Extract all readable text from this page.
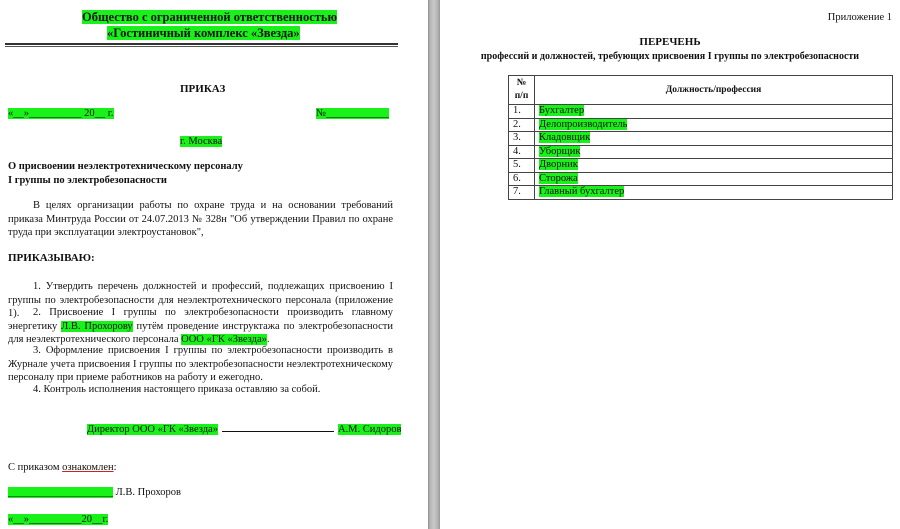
Общество с ограниченной ответственностью
«Гостиничный комплекс «Звезда»
ПРИКАЗ
«__»__________ 20__ г.	№____________
г. Москва
О присвоении неэлектротехническому персоналу
I группы по электробезопасности
В целях организации работы по охране труда и на основании требований приказа Минтруда России от 24.07.2013 № 328н "Об утверждении Правил по охране труда при эксплуатации электроустановок",
ПРИКАЗЫВАЮ:
1. Утвердить перечень должностей и профессий, подлежащих присвоению I группы по электробезопасности для неэлектротехнического персонала (приложение 1).	2. Присвоение I группы по электробезопасности производить главному энергетику Л.В. Прохорову путём проведение инструктажа по электробезопасности для неэлектротехнического персонала ООО «ГК «Звезда».
3. Оформление присвоения I группы по электробезопасности производить в Журнале учета присвоения I группы по электробезопасности неэлектротехническому персоналу при приеме работников на работу и ежегодно.
4. Контроль исполнения настоящего приказа оставляю за собой.
Директор ООО «ГК «Звезда»	А.М. Сидоров
С приказом ознакомлен:
____________________ Л.В. Прохоров
«__»__________20__г.
Приложение 1
ПЕРЕЧЕНЬ
профессий и должностей, требующих присвоения I группы по электробезопасности
№ п/п	Должность/профессия
1.	Бухгалтер
2.	Делопроизводитель
3.	Кладовщик
4.	Уборщик
5.	Дворник
6.	Сторожа
7.	Главный бухгалтер
